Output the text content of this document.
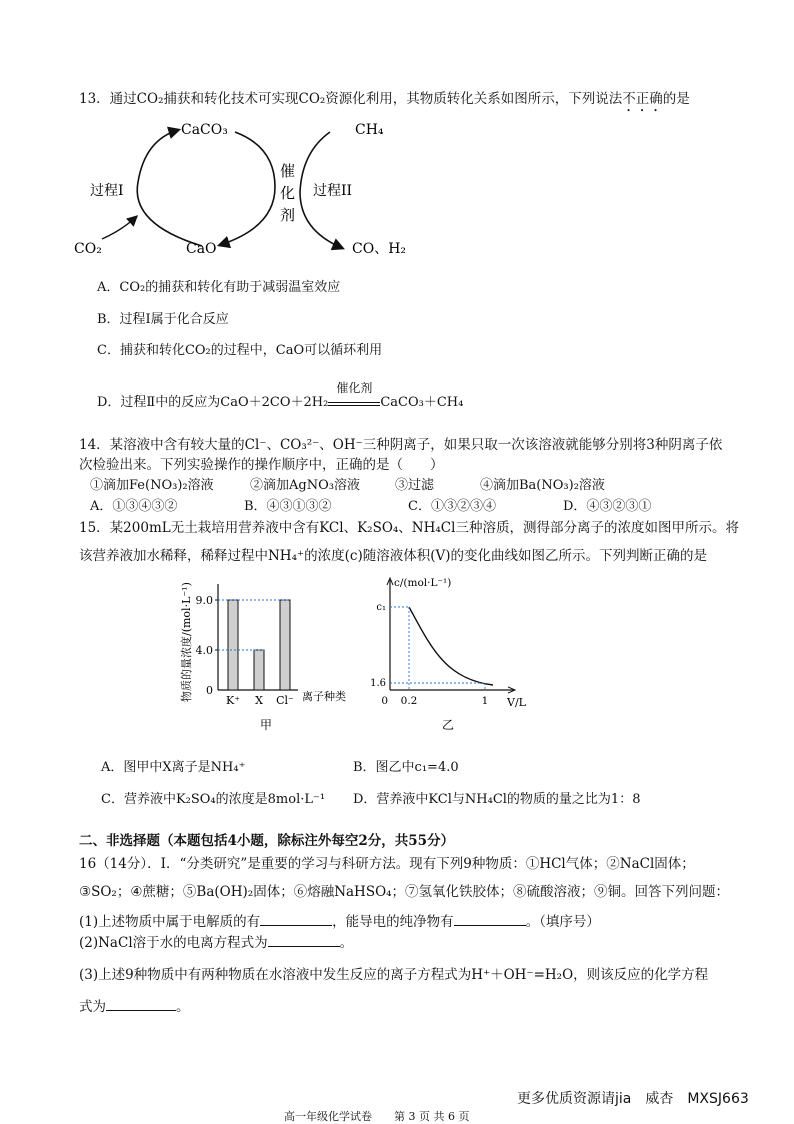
13．通过CO₂捕获和转化技术可实现CO₂资源化利用，其物质转化关系如图所示，下列说法不正确的是
CaCO₃
CaO
CO₂
过程I
催
化
剂
CH₄
过程II
CO、H₂
A．CO₂的捕获和转化有助于减弱温室效应
B．过程Ⅰ属于化合反应
C．捕获和转化CO₂的过程中，CaO可以循环利用
D．过程Ⅱ中的反应为CaO＋2CO＋2H₂
催化剂
CaCO₃＋CH₄
14．某溶液中含有较大量的Cl⁻、CO₃²⁻、OH⁻三种阴离子，如果只取一次该溶液就能够分别将3种阴离子依
次检验出来。下列实验操作的操作顺序中，正确的是（　　）
①滴加Fe(NO₃)₂溶液	②滴加AgNO₃溶液	③过滤	④滴加Ba(NO₃)₂溶液
A．①③④③②	B．④③①③②	C．①③②③④	D．④③②③①
15．某200mL无土栽培用营养液中含有KCl、K₂SO₄、NH₄Cl三种溶质，测得部分离子的浓度如图甲所示。将
该营养液加水稀释，稀释过程中NH₄⁺的浓度(c)随溶液体积(V)的变化曲线如图乙所示。下列判断正确的是
K⁺ X Cl⁻
9.0
4.0
0
物质的量浓度/(mol·L⁻¹)	离子种类
甲
c₁
1.6
0 0.2	1
c/(mol·L⁻¹)
V/L
乙
A．图甲中X离子是NH₄⁺	B．图乙中c₁=4.0
C．营养液中K₂SO₄的浓度是8mol·L⁻¹ D．营养液中KCl与NH₄Cl的物质的量之比为1：8
二、非选择题（本题包括4小题，除标注外每空2分，共55分）
16（14分）．I．“分类研究”是重要的学习与科研方法。现有下列9种物质：①HCl气体；②NaCl固体；
③SO₂；④蔗糖；⑤Ba(OH)₂固体；⑥熔融NaHSO₄；⑦氢氧化铁胶体；⑧硫酸溶液；⑨铜。回答下列问题：
(1)上述物质中属于电解质的有	，能导电的纯净物有	。（填序号）
(2)NaCl溶于水的电离方程式为	。
(3)上述9种物质中有两种物质在水溶液中发生反应的离子方程式为H⁺＋OH⁻=H₂O，则该反应的化学方程
式为	。
更多优质资源请jia　威杏　MXSJ663
高一年级化学试卷　　第 3 页 共 6 页
